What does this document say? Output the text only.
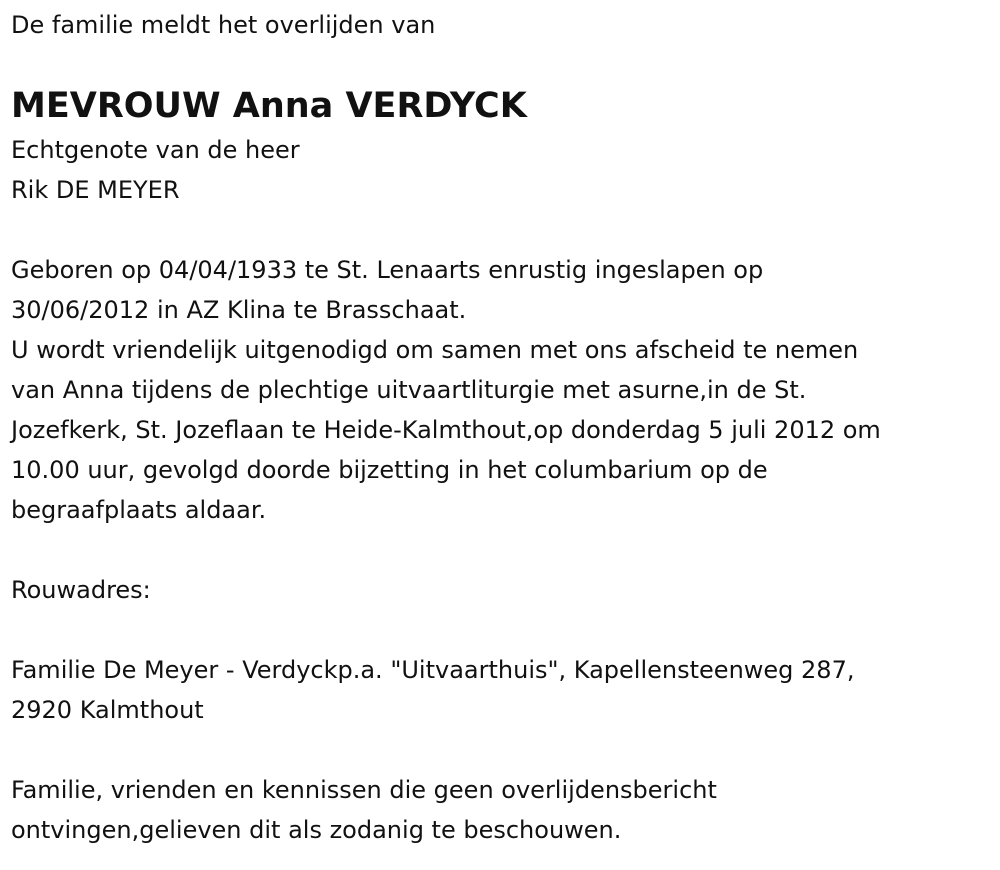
De familie meldt het overlijden van
MEVROUW Anna VERDYCK
Echtgenote van de heer
Rik DE MEYER
Geboren op 04/04/1933 te St. Lenaarts enrustig ingeslapen op
30/06/2012 in AZ Klina te Brasschaat.
U wordt vriendelijk uitgenodigd om samen met ons afscheid te nemen
van Anna tijdens de plechtige uitvaartliturgie met asurne,in de St.
Jozefkerk, St. Jozeflaan te Heide-Kalmthout,op donderdag 5 juli 2012 om
10.00 uur, gevolgd doorde bijzetting in het columbarium op de
begraafplaats aldaar.
Rouwadres:
Familie De Meyer - Verdyckp.a. "Uitvaarthuis", Kapellensteenweg 287,
2920 Kalmthout
Familie, vrienden en kennissen die geen overlijdensbericht
ontvingen,gelieven dit als zodanig te beschouwen.
